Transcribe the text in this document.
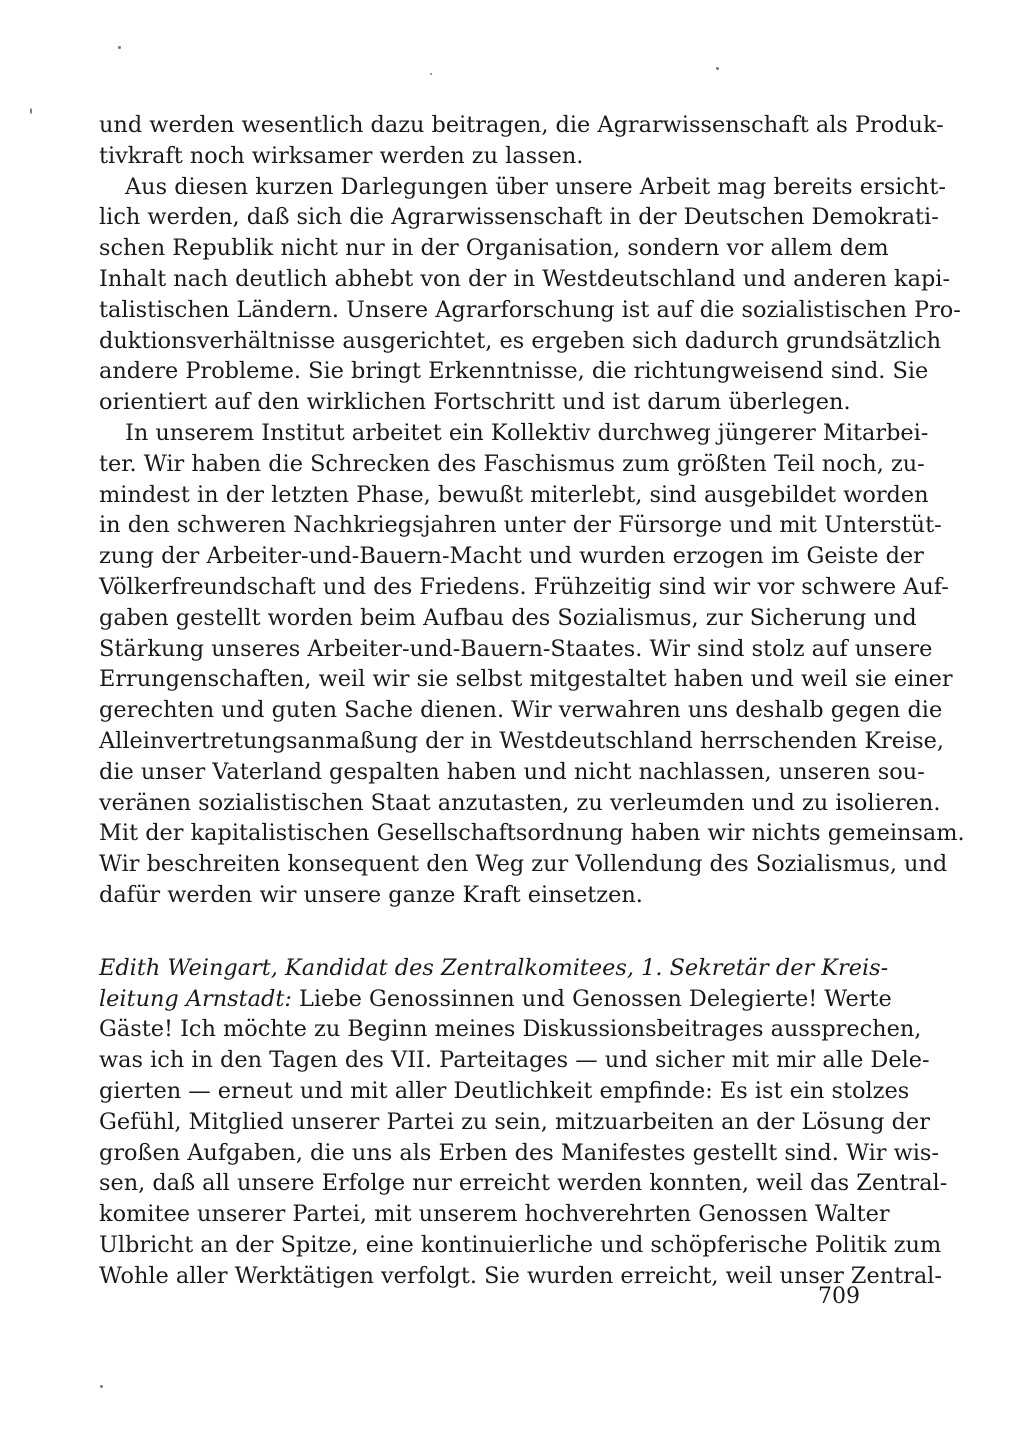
und werden wesentlich dazu beitragen, die Agrarwissenschaft als Produk-
tivkraft noch wirksamer werden zu lassen.
Aus diesen kurzen Darlegungen über unsere Arbeit mag bereits ersicht-
lich werden, daß sich die Agrarwissenschaft in der Deutschen Demokrati-
schen Republik nicht nur in der Organisation, sondern vor allem dem
Inhalt nach deutlich abhebt von der in Westdeutschland und anderen kapi-
talistischen Ländern. Unsere Agrarforschung ist auf die sozialistischen Pro-
duktionsverhältnisse ausgerichtet, es ergeben sich dadurch grundsätzlich
andere Probleme. Sie bringt Erkenntnisse, die richtungweisend sind. Sie
orientiert auf den wirklichen Fortschritt und ist darum überlegen.
In unserem Institut arbeitet ein Kollektiv durchweg jüngerer Mitarbei-
ter. Wir haben die Schrecken des Faschismus zum größten Teil noch, zu-
mindest in der letzten Phase, bewußt miterlebt, sind ausgebildet worden
in den schweren Nachkriegsjahren unter der Fürsorge und mit Unterstüt-
zung der Arbeiter-und-Bauern-Macht und wurden erzogen im Geiste der
Völkerfreundschaft und des Friedens. Frühzeitig sind wir vor schwere Auf-
gaben gestellt worden beim Aufbau des Sozialismus, zur Sicherung und
Stärkung unseres Arbeiter-und-Bauern-Staates. Wir sind stolz auf unsere
Errungenschaften, weil wir sie selbst mitgestaltet haben und weil sie einer
gerechten und guten Sache dienen. Wir verwahren uns deshalb gegen die
Alleinvertretungsanmaßung der in Westdeutschland herrschenden Kreise,
die unser Vaterland gespalten haben und nicht nachlassen, unseren sou-
veränen sozialistischen Staat anzutasten, zu verleumden und zu isolieren.
Mit der kapitalistischen Gesellschaftsordnung haben wir nichts gemeinsam.
Wir beschreiten konsequent den Weg zur Vollendung des Sozialismus, und
dafür werden wir unsere ganze Kraft einsetzen.
Edith Weingart, Kandidat des Zentralkomitees, 1. Sekretär der Kreis-
leitung Arnstadt: Liebe Genossinnen und Genossen Delegierte! Werte
Gäste! Ich möchte zu Beginn meines Diskussionsbeitrages aussprechen,
was ich in den Tagen des VII. Parteitages — und sicher mit mir alle Dele-
gierten — erneut und mit aller Deutlichkeit empfinde: Es ist ein stolzes
Gefühl, Mitglied unserer Partei zu sein, mitzuarbeiten an der Lösung der
großen Aufgaben, die uns als Erben des Manifestes gestellt sind. Wir wis-
sen, daß all unsere Erfolge nur erreicht werden konnten, weil das Zentral-
komitee unserer Partei, mit unserem hochverehrten Genossen Walter
Ulbricht an der Spitze, eine kontinuierliche und schöpferische Politik zum
Wohle aller Werktätigen verfolgt. Sie wurden erreicht, weil unser Zentral-
709
